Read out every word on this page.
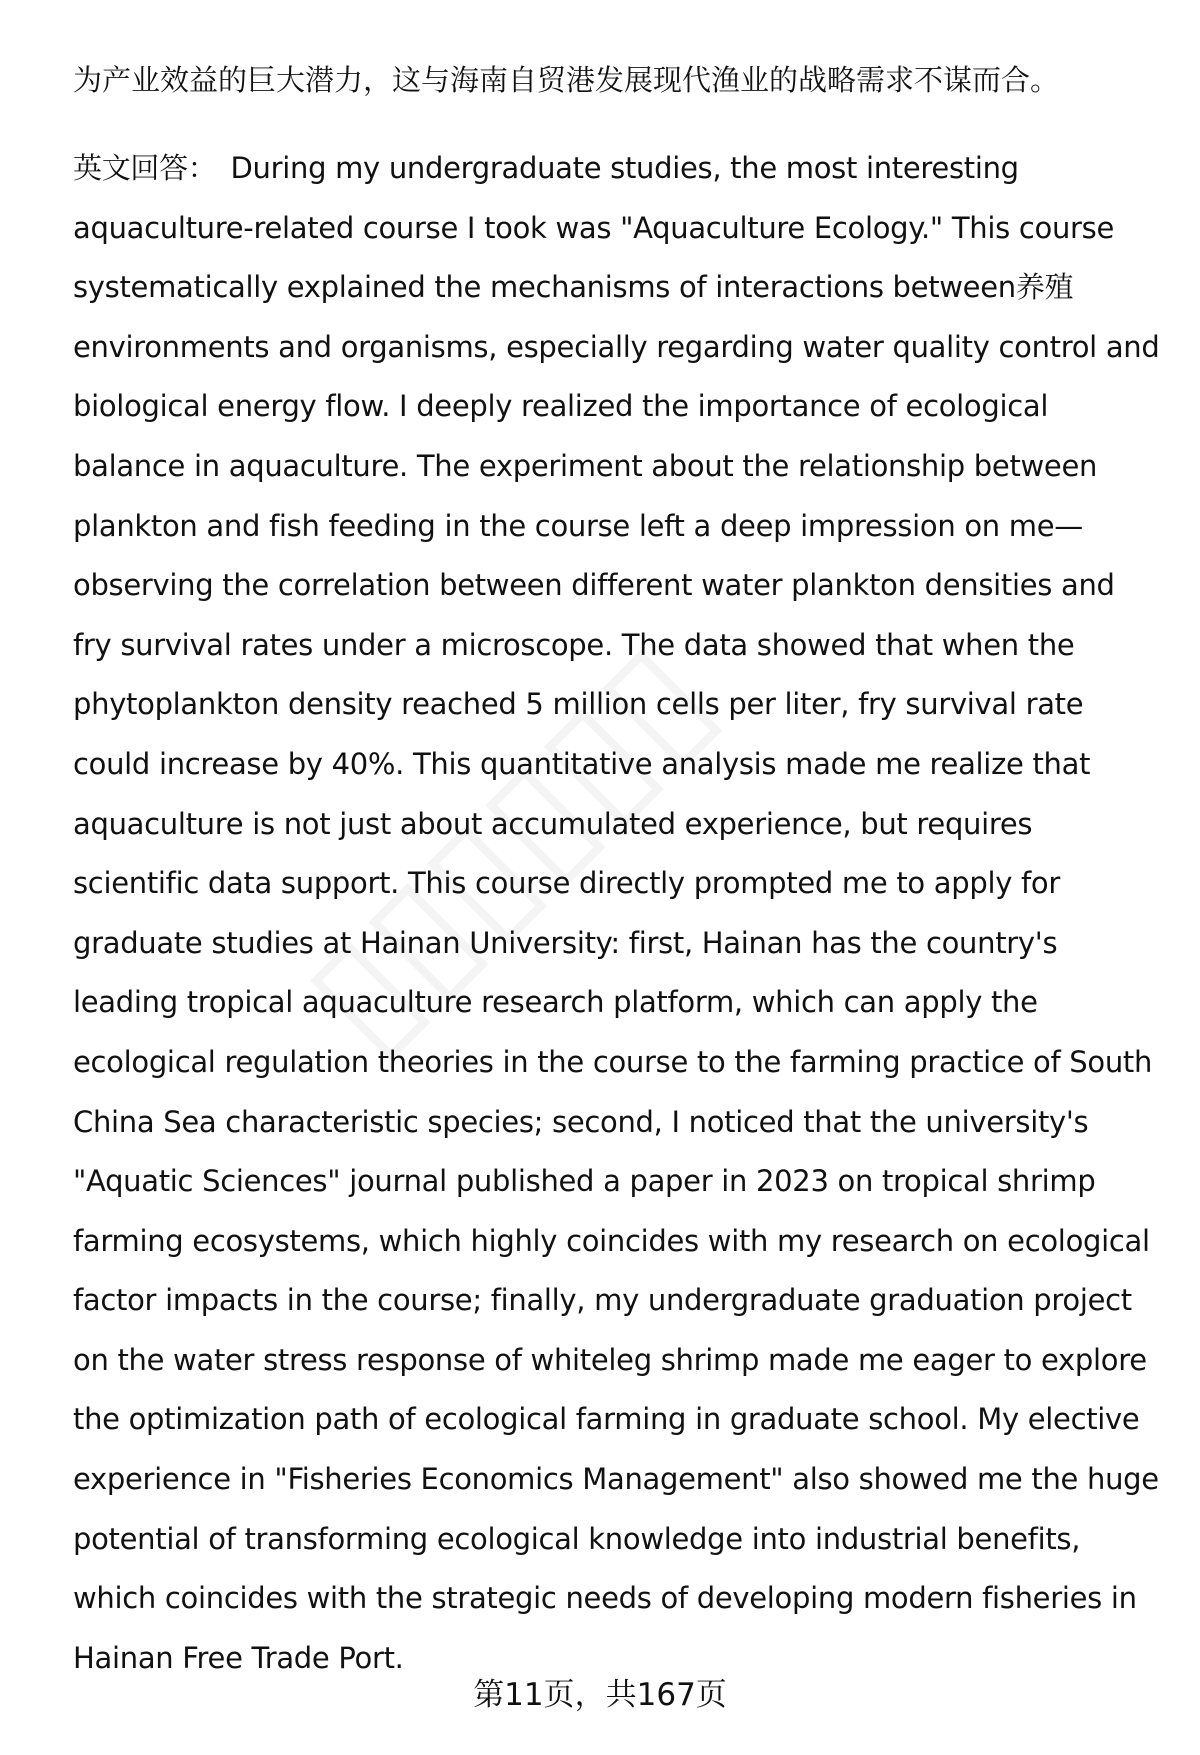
为产业效益的巨大潜力，这与海南自贸港发展现代渔业的战略需求不谋而合。
英文回答： During my undergraduate studies, the most interesting
aquaculture-related course I took was "Aquaculture Ecology." This course
systematically explained the mechanisms of interactions between养殖
environments and organisms, especially regarding water quality control and
biological energy flow. I deeply realized the importance of ecological
balance in aquaculture. The experiment about the relationship between
plankton and fish feeding in the course left a deep impression on me—
observing the correlation between different water plankton densities and
fry survival rates under a microscope. The data showed that when the
phytoplankton density reached 5 million cells per liter, fry survival rate
could increase by 40%. This quantitative analysis made me realize that
aquaculture is not just about accumulated experience, but requires
scientific data support. This course directly prompted me to apply for
graduate studies at Hainan University: first, Hainan has the country's
leading tropical aquaculture research platform, which can apply the
ecological regulation theories in the course to the farming practice of South
China Sea characteristic species; second, I noticed that the university's
"Aquatic Sciences" journal published a paper in 2023 on tropical shrimp
farming ecosystems, which highly coincides with my research on ecological
factor impacts in the course; finally, my undergraduate graduation project
on the water stress response of whiteleg shrimp made me eager to explore
the optimization path of ecological farming in graduate school. My elective
experience in "Fisheries Economics Management" also showed me the huge
potential of transforming ecological knowledge into industrial benefits,
which coincides with the strategic needs of developing modern fisheries in
Hainan Free Trade Port.
第11页，共167页
